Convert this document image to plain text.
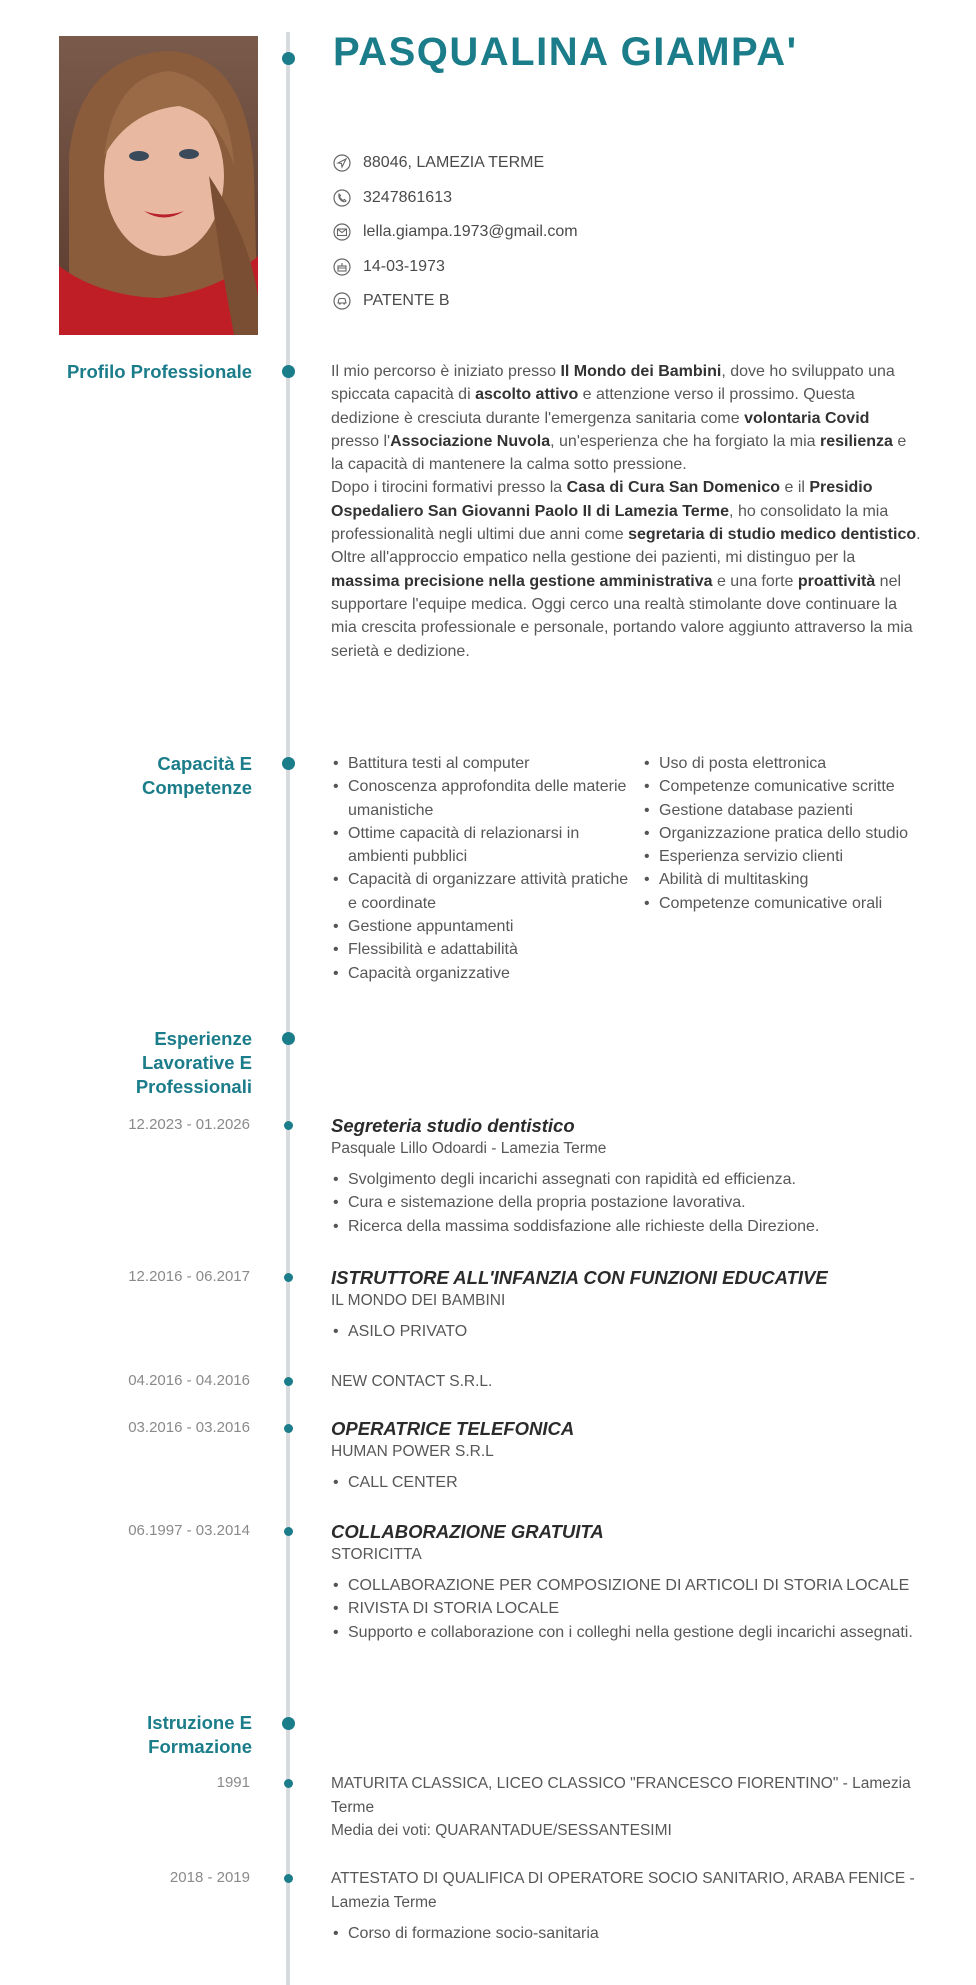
PASQUALINA GIAMPA'
88046, LAMEZIA TERME
3247861613
lella.giampa.1973@gmail.com
14-03-1973
PATENTE B
Profilo Professionale	Il mio percorso è iniziato presso Il Mondo dei Bambini, dove ho sviluppato una spiccata capacità di ascolto attivo e attenzione verso il prossimo. Questa dedizione è cresciuta durante l'emergenza sanitaria come volontaria Covid presso l'Associazione Nuvola, un'esperienza che ha forgiato la mia resilienza e la capacità di mantenere la calma sotto pressione.
Dopo i tirocini formativi presso la Casa di Cura San Domenico e il Presidio Ospedaliero San Giovanni Paolo II di Lamezia Terme, ho consolidato la mia professionalità negli ultimi due anni come segretaria di studio medico dentistico.
Oltre all'approccio empatico nella gestione dei pazienti, mi distinguo per la massima precisione nella gestione amministrativa e una forte proattività nel supportare l'equipe medica. Oggi cerco una realtà stimolante dove continuare la mia crescita professionale e personale, portando valore aggiunto attraverso la mia serietà e dedizione.
Capacità E Competenze
• Battitura testi al computer
• Conoscenza approfondita delle materie umanistiche
• Ottime capacità di relazionarsi in ambienti pubblici
• Capacità di organizzare attività pratiche e coordinate
• Gestione appuntamenti
• Flessibilità e adattabilità
• Capacità organizzative
• Uso di posta elettronica
• Competenze comunicative scritte
• Gestione database pazienti
• Organizzazione pratica dello studio
• Esperienza servizio clienti
• Abilità di multitasking
• Competenze comunicative orali
Esperienze Lavorative E Professionali
12.2023 - 01.2026	Segreteria studio dentistico
Pasquale Lillo Odoardi - Lamezia Terme
• Svolgimento degli incarichi assegnati con rapidità ed efficienza.
• Cura e sistemazione della propria postazione lavorativa.
• Ricerca della massima soddisfazione alle richieste della Direzione.
12.2016 - 06.2017	ISTRUTTORE ALL'INFANZIA CON FUNZIONI EDUCATIVE
IL MONDO DEI BAMBINI
• ASILO PRIVATO
04.2016 - 04.2016	NEW CONTACT S.R.L.
03.2016 - 03.2016	OPERATRICE TELEFONICA
HUMAN POWER S.R.L
• CALL CENTER
06.1997 - 03.2014	COLLABORAZIONE GRATUITA
STORICITTA
• COLLABORAZIONE PER COMPOSIZIONE DI ARTICOLI DI STORIA LOCALE
• RIVISTA DI STORIA LOCALE
• Supporto e collaborazione con i colleghi nella gestione degli incarichi assegnati.
Istruzione E Formazione
1991	MATURITA CLASSICA, LICEO CLASSICO "FRANCESCO FIORENTINO" - Lamezia Terme
Media dei voti: QUARANTADUE/SESSANTESIMI
2018 - 2019	ATTESTATO DI QUALIFICA DI OPERATORE SOCIO SANITARIO, ARABA FENICE - Lamezia Terme
• Corso di formazione socio-sanitaria
